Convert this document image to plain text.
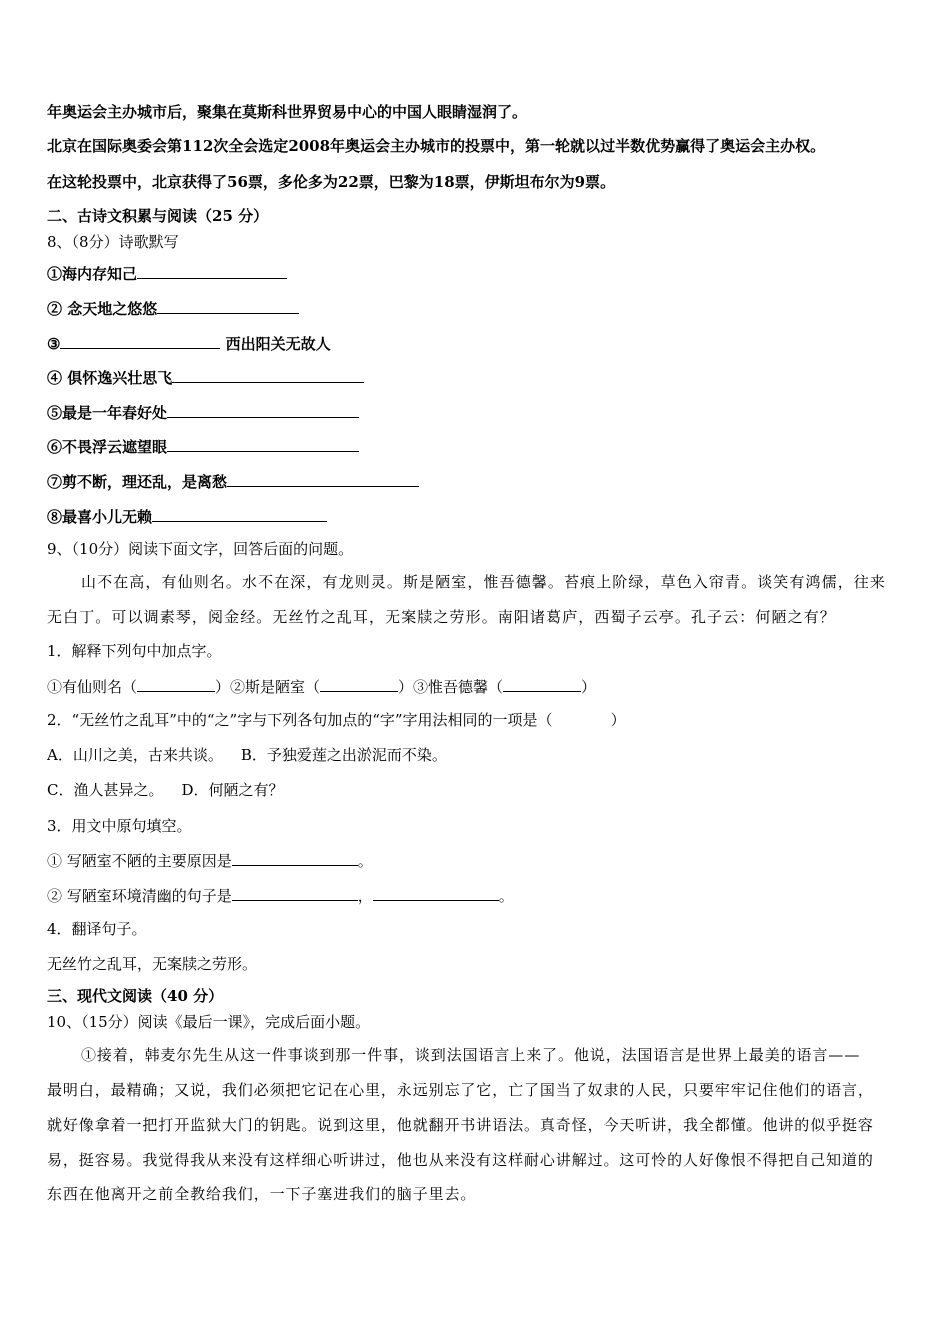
年奥运会主办城市后，聚集在莫斯科世界贸易中心的中国人眼睛湿润了。
北京在国际奥委会第112次全会选定2008年奥运会主办城市的投票中，第一轮就以过半数优势赢得了奥运会主办权。
在这轮投票中，北京获得了56票，多伦多为22票，巴黎为18票，伊斯坦布尔为9票。
二、古诗文积累与阅读（25 分）
8、（8分）诗歌默写
①海内存知己
② 念天地之悠悠
③	西出阳关无故人
④ 俱怀逸兴壮思飞
⑤最是一年春好处
⑥不畏浮云遮望眼
⑦剪不断，理还乱，是离愁
⑧最喜小儿无赖
9、（10分）阅读下面文字，回答后面的问题。
山不在高，有仙则名。水不在深，有龙则灵。斯是陋室，惟吾德馨。苔痕上阶绿，草色入帘青。谈笑有鸿儒，往来
无白丁。可以调素琴，阅金经。无丝竹之乱耳，无案牍之劳形。南阳诸葛庐，西蜀子云亭。孔子云：何陋之有？
1．解释下列句中加点字。
①有仙则名（	）②斯是陋室（	）③惟吾德馨（	）
2．“无丝竹之乱耳”中的“之”字与下列各句加点的“字”字用法相同的一项是（	）
A．山川之美，古来共谈。 B．予独爱莲之出淤泥而不染。
C．渔人甚异之。 D．何陋之有？
3．用文中原句填空。
① 写陋室不陋的主要原因是	。
② 写陋室环境清幽的句子是	，	。
4．翻译句子。
无丝竹之乱耳，无案牍之劳形。
三、现代文阅读（40 分）
10、（15分）阅读《最后一课》，完成后面小题。
①接着，韩麦尔先生从这一件事谈到那一件事，谈到法国语言上来了。他说，法国语言是世界上最美的语言——
最明白，最精确；又说，我们必须把它记在心里，永远别忘了它，亡了国当了奴隶的人民，只要牢牢记住他们的语言，
就好像拿着一把打开监狱大门的钥匙。说到这里，他就翻开书讲语法。真奇怪，今天听讲，我全都懂。他讲的似乎挺容
易，挺容易。我觉得我从来没有这样细心听讲过，他也从来没有这样耐心讲解过。这可怜的人好像恨不得把自己知道的
东西在他离开之前全教给我们，一下子塞进我们的脑子里去。
